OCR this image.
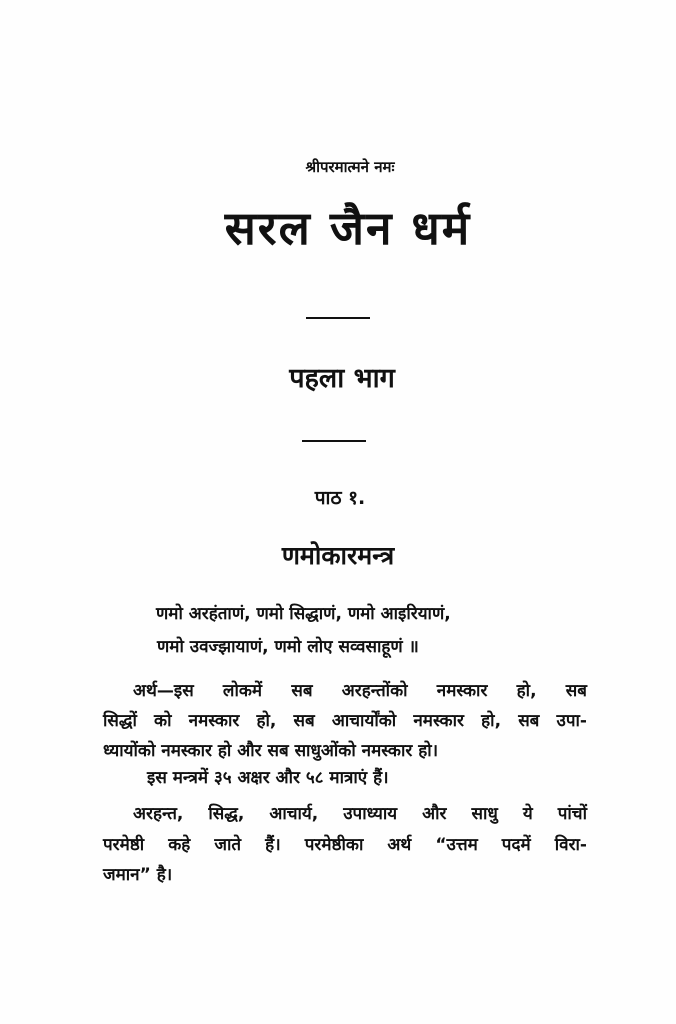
श्रीपरमात्मने नमः
सरल जैन धर्म
पहला भाग
पाठ १.
णमोकारमन्त्र
णमो अरहंताणं, णमो सिद्धाणं, णमो आइरियाणं,
णमो उवज्झायाणं, णमो लोए सव्वसाहूणं ॥
अर्थ—इस लोकमें सब अरहन्तोंको नमस्कार हो, सब
सिद्धों को नमस्कार हो, सब आचार्योंको नमस्कार हो, सब उपा-
ध्यायोंको नमस्कार हो और सब साधुओंको नमस्कार हो।
इस मन्त्रमें ३५ अक्षर और ५८ मात्राएं हैं।
अरहन्त, सिद्ध, आचार्य, उपाध्याय और साधु ये पांचों
परमेष्ठी कहे जाते हैं। परमेष्ठीका अर्थ “उत्तम पदमें विरा-
जमान” है।
